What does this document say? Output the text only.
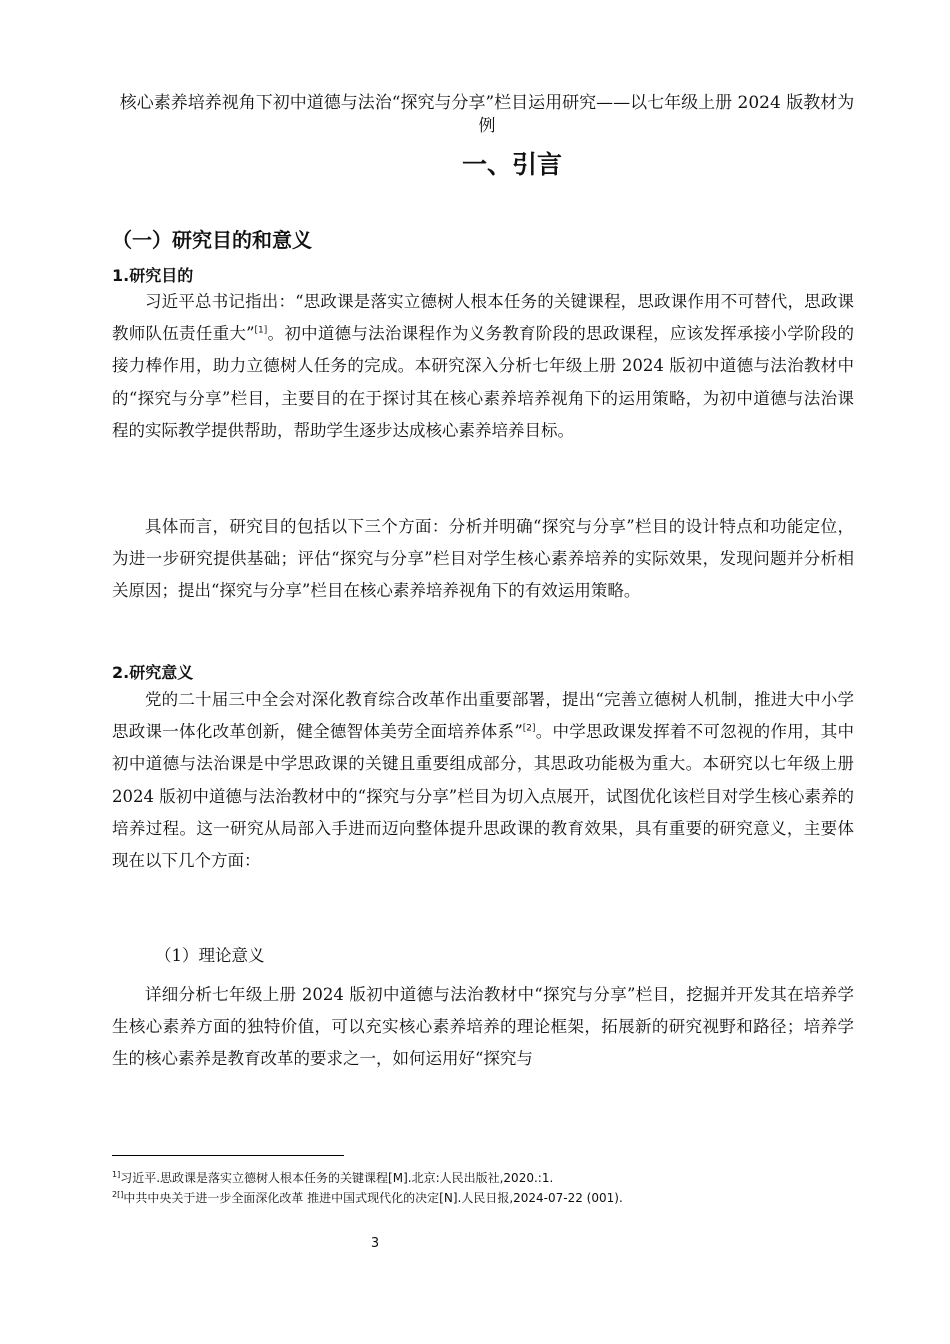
核心素养培养视角下初中道德与法治“探究与分享”栏目运用研究——以七年级上册 2024 版教材为例
一、引言
（一）研究目的和意义
1.研究目的

习近平总书记指出：“思政课是落实立德树人根本任务的关键课程，思政课作用不可替代，思政课教师队伍责任重大”[1]。初中道德与法治课程作为义务教育阶段的思政课程，应该发挥承接小学阶段的接力棒作用，助力立德树人任务的完成。本研究深入分析七年级上册 2024 版初中道德与法治教材中的“探究与分享”栏目，主要目的在于探讨其在核心素养培养视角下的运用策略，为初中道德与法治课程的实际教学提供帮助，帮助学生逐步达成核心素养培养目标。

具体而言，研究目的包括以下三个方面：分析并明确“探究与分享”栏目的设计特点和功能定位，为进一步研究提供基础；评估“探究与分享”栏目对学生核心素养培养的实际效果，发现问题并分析相关原因；提出“探究与分享”栏目在核心素养培养视角下的有效运用策略。

2.研究意义

党的二十届三中全会对深化教育综合改革作出重要部署，提出“完善立德树人机制，推进大中小学思政课一体化改革创新，健全德智体美劳全面培养体系”[2]。中学思政课发挥着不可忽视的作用，其中初中道德与法治课是中学思政课的关键且重要组成部分，其思政功能极为重大。本研究以七年级上册 2024 版初中道德与法治教材中的“探究与分享”栏目为切入点展开，试图优化该栏目对学生核心素养的培养过程。这一研究从局部入手进而迈向整体提升思政课的教育效果，具有重要的研究意义，主要体现在以下几个方面：

（1）理论意义

详细分析七年级上册 2024 版初中道德与法治教材中“探究与分享”栏目，挖掘并开发其在培养学生核心素养方面的独特价值，可以充实核心素养培养的理论框架，拓展新的研究视野和路径；培养学生的核心素养是教育改革的要求之一，如何运用好“探究与

$^{1]}$习近平.思政课是落实立德树人根本任务的关键课程[M].北京:人民出版社,2020.:1.
$^{2[]}$中共中央关于进一步全面深化改革 推进中国式现代化的决定[N].人民日报,2024-07-22 (001).
3
